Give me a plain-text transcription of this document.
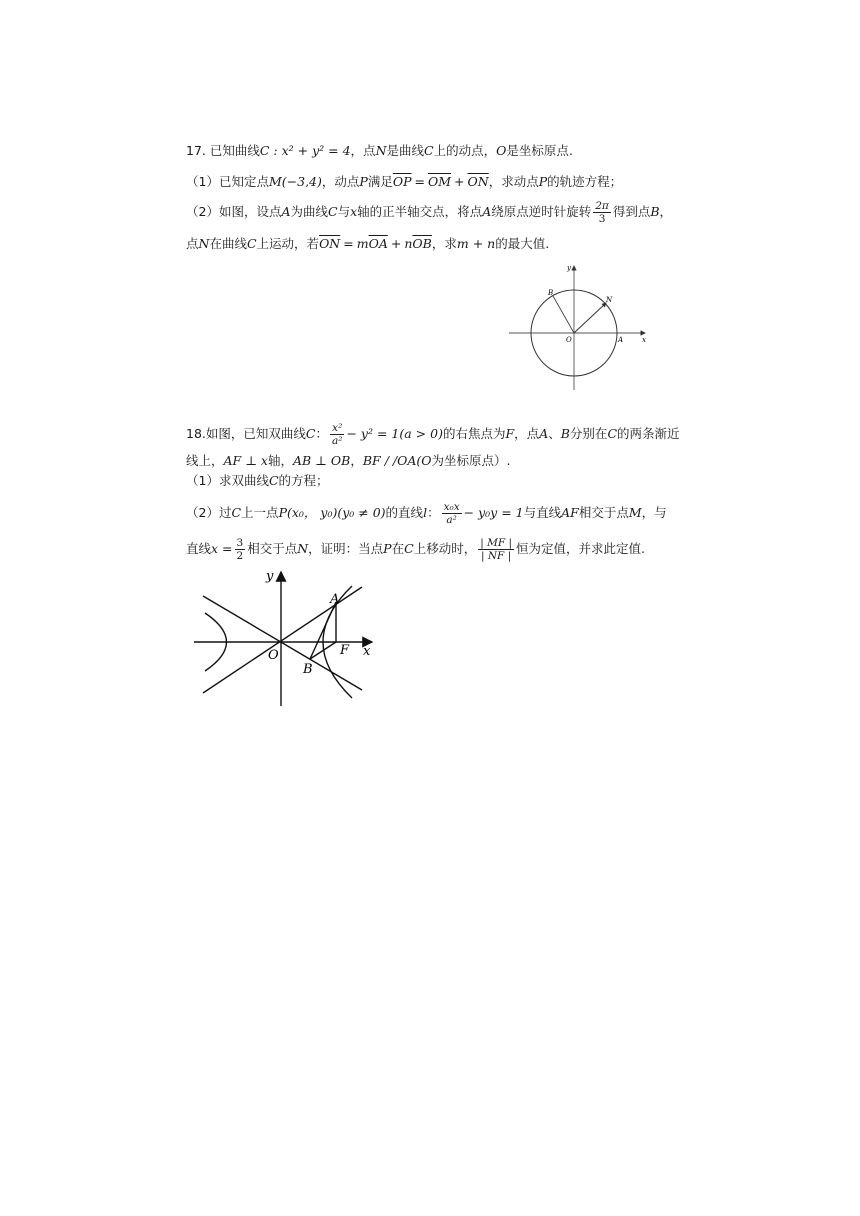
17. 已知曲线C : x² + y² = 4，点N是曲线C上的动点，O是坐标原点.
（1）已知定点M(−3,4)，动点P满足$\overline{OP} = \overline{OM} + \overline{ON}$，求动点P的轨迹方程；
（2）如图，设点A为曲线C与x轴的正半轴交点，将点A绕原点逆时针旋转 $\frac{2\pi}{3}$ 得到点B，
点N在曲线C上运动，若$\overline{ON} = m\overline{OA} + n\overline{OB}$，求m + n的最大值.
y
x
O	A
B
N
18.如图，已知双曲线C： $\frac{\text{x²}}{\text{a²}} - y^2 = 1(a > 0)$的右焦点为F，点A、B分别在C的两条渐近
线上，AF ⊥ x轴，AB ⊥ OB，BF / /OA(O为坐标原点）.
（1）求双曲线C的方程；
（2）过C上一点P(x₀， y₀)(y₀ ≠ 0)的直线l： $\frac{\text{x₀x}}{\text{a²}} - y_0y = 1$与直线AF相交于点M，与
直线$x = \frac{3}{2}$ 相交于点N，证明：当点P在C上移动时， $\frac{| MF |}{| NF |}$ 恒为定值，并求此定值.
y
x
O
A
B
F
